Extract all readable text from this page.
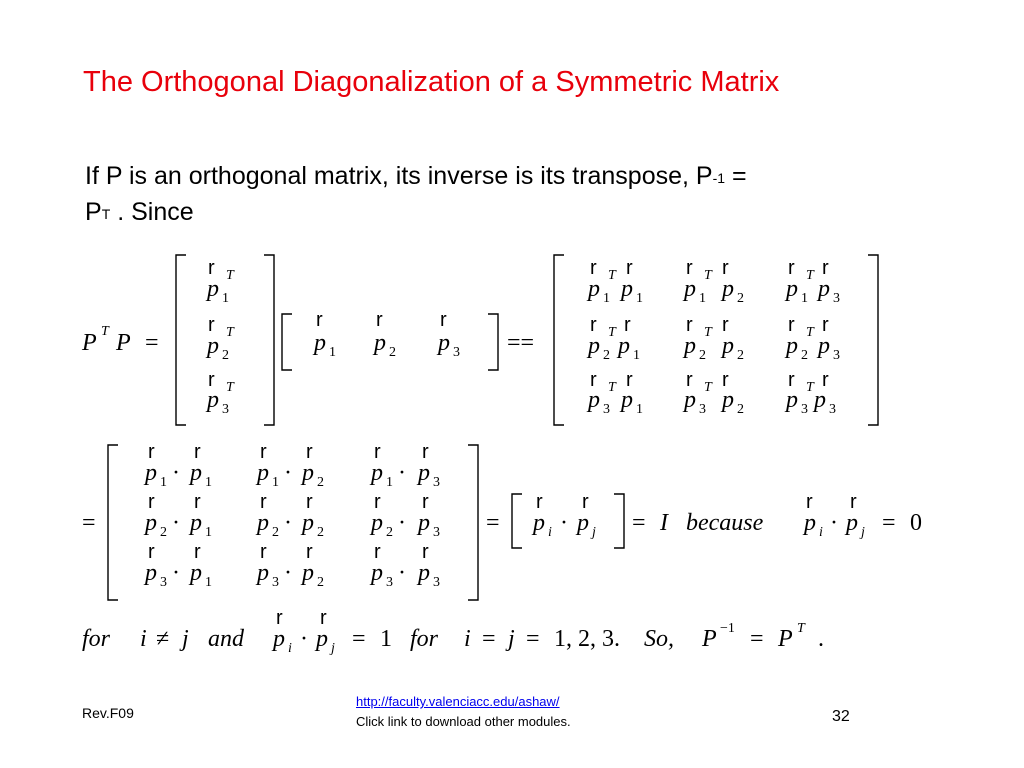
The Orthogonal Diagonalization of a Symmetric Matrix
If P is an orthogonal matrix, its inverse is its transpose, $P^{-1}$ =
$P^T$ . Since
P T P =
r
p 1
T
r
p 2
T
r
p 3
T
r
p 1
r
p 2
r
p 3 ==
r T r
p 1 p 1
r T r
p 1 p 2
r T r
p 1 p 3
r T r
p 2 p 1
r T r
p 2 p 2
r T r
p 2 p 3
r T r
p 3 p 1
r T r
p 3 p 2
r T r
p 3 p 3
=
r r
p 1 · p 1
r r
p 1 · p 2
r r
p 1 · p 3
r r
p 2 · p 1
r r
p 2 · p 2
r r
p 2 · p 3
r r
p 3 · p 1
r r
p 3 · p 2
r r
p 3 · p 3
=
r r
p i · p j = I because
r r
p i · p j = 0
for i ≠ j and
r r
p i · p j = 1 for i = j = 1, 2, 3. So, P −1 = P T .
Rev.F09
http://faculty.valenciacc.edu/ashaw/
Click link to download other modules.	32
